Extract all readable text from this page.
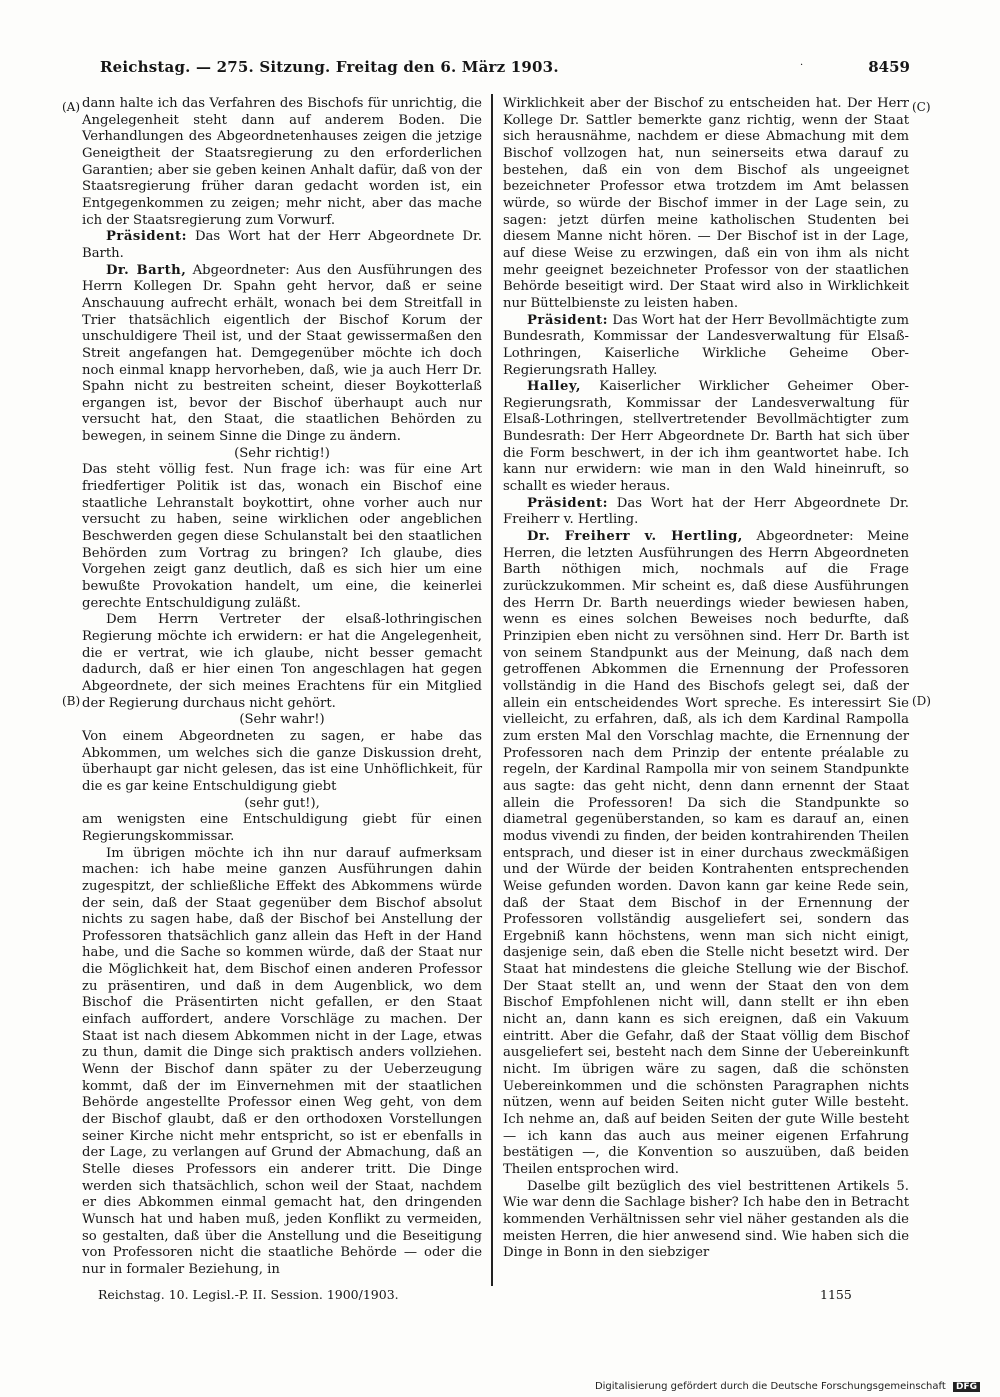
Reichstag. — 275. Sitzung. Freitag den 6. März 1903.	·	8459
(A)
(B)
(C)
(D)

dann halte ich das Verfahren des Bischofs für unrichtig, die Angelegenheit steht dann auf anderem Boden. Die Verhandlungen des Abgeordnetenhauses zeigen die jetzige Geneigtheit der Staatsregierung zu den erforderlichen Garantien; aber sie geben keinen Anhalt dafür, daß von der Staatsregierung früher daran gedacht worden ist, ein Entgegenkommen zu zeigen; mehr nicht, aber das mache ich der Staatsregierung zum Vorwurf.

Präsident: Das Wort hat der Herr Abgeordnete Dr. Barth.

Dr. Barth, Abgeordneter: Aus den Ausführungen des Herrn Kollegen Dr. Spahn geht hervor, daß er seine Anschauung aufrecht erhält, wonach bei dem Streitfall in Trier thatsächlich eigentlich der Bischof Korum der unschuldigere Theil ist, und der Staat gewissermaßen den Streit angefangen hat. Demgegenüber möchte ich doch noch einmal knapp hervorheben, daß, wie ja auch Herr Dr. Spahn nicht zu bestreiten scheint, dieser Boykotterlaß ergangen ist, bevor der Bischof überhaupt auch nur versucht hat, den Staat, die staatlichen Behörden zu bewegen, in seinem Sinne die Dinge zu ändern.

(Sehr richtig!)

Das steht völlig fest. Nun frage ich: was für eine Art friedfertiger Politik ist das, wonach ein Bischof eine staatliche Lehranstalt boykottirt, ohne vorher auch nur versucht zu haben, seine wirklichen oder angeblichen Beschwerden gegen diese Schulanstalt bei den staatlichen Behörden zum Vortrag zu bringen? Ich glaube, dies Vorgehen zeigt ganz deutlich, daß es sich hier um eine bewußte Provokation handelt, um eine, die keinerlei gerechte Entschuldigung zuläßt.

Dem Herrn Vertreter der elsaß-lothringischen Regierung möchte ich erwidern: er hat die Angelegenheit, die er vertrat, wie ich glaube, nicht besser gemacht dadurch, daß er hier einen Ton angeschlagen hat gegen Abgeordnete, der sich meines Erachtens für ein Mitglied der Regierung durchaus nicht gehört.

(Sehr wahr!)

Von einem Abgeordneten zu sagen, er habe das Abkommen, um welches sich die ganze Diskussion dreht, überhaupt gar nicht gelesen, das ist eine Unhöflichkeit, für die es gar keine Entschuldigung giebt

(sehr gut!),

am wenigsten eine Entschuldigung giebt für einen Regierungskommissar.

Im übrigen möchte ich ihn nur darauf aufmerksam machen: ich habe meine ganzen Ausführungen dahin zugespitzt, der schließliche Effekt des Abkommens würde der sein, daß der Staat gegenüber dem Bischof absolut nichts zu sagen habe, daß der Bischof bei Anstellung der Professoren thatsächlich ganz allein das Heft in der Hand habe, und die Sache so kommen würde, daß der Staat nur die Möglichkeit hat, dem Bischof einen anderen Professor zu präsentiren, und daß in dem Augenblick, wo dem Bischof die Präsentirten nicht gefallen, er den Staat einfach auffordert, andere Vorschläge zu machen. Der Staat ist nach diesem Abkommen nicht in der Lage, etwas zu thun, damit die Dinge sich praktisch anders vollziehen. Wenn der Bischof dann später zu der Ueberzeugung kommt, daß der im Einvernehmen mit der staatlichen Behörde angestellte Professor einen Weg geht, von dem der Bischof glaubt, daß er den orthodoxen Vorstellungen seiner Kirche nicht mehr entspricht, so ist er ebenfalls in der Lage, zu verlangen auf Grund der Abmachung, daß an Stelle dieses Professors ein anderer tritt. Die Dinge werden sich thatsächlich, schon weil der Staat, nachdem er dies Abkommen einmal gemacht hat, den dringenden Wunsch hat und haben muß, jeden Konflikt zu vermeiden, so gestalten, daß über die Anstellung und die Beseitigung von Professoren nicht die staatliche Behörde — oder die nur in formaler Beziehung, in

Wirklichkeit aber der Bischof zu entscheiden hat. Der Herr Kollege Dr. Sattler bemerkte ganz richtig, wenn der Staat sich herausnähme, nachdem er diese Abmachung mit dem Bischof vollzogen hat, nun seinerseits etwa darauf zu bestehen, daß ein von dem Bischof als ungeeignet bezeichneter Professor etwa trotzdem im Amt belassen würde, so würde der Bischof immer in der Lage sein, zu sagen: jetzt dürfen meine katholischen Studenten bei diesem Manne nicht hören. — Der Bischof ist in der Lage, auf diese Weise zu erzwingen, daß ein von ihm als nicht mehr geeignet bezeichneter Professor von der staatlichen Behörde beseitigt wird. Der Staat wird also in Wirklichkeit nur Büttelbienste zu leisten haben.

Präsident: Das Wort hat der Herr Bevollmächtigte zum Bundesrath, Kommissar der Landesverwaltung für Elsaß-Lothringen, Kaiserliche Wirkliche Geheime Ober-Regierungsrath Halley.

Halley, Kaiserlicher Wirklicher Geheimer Ober-Regierungsrath, Kommissar der Landesverwaltung für Elsaß-Lothringen, stellvertretender Bevollmächtigter zum Bundesrath: Der Herr Abgeordnete Dr. Barth hat sich über die Form beschwert, in der ich ihm geantwortet habe. Ich kann nur erwidern: wie man in den Wald hineinruft, so schallt es wieder heraus.

Präsident: Das Wort hat der Herr Abgeordnete Dr. Freiherr v. Hertling.

Dr. Freiherr v. Hertling, Abgeordneter: Meine Herren, die letzten Ausführungen des Herrn Abgeordneten Barth nöthigen mich, nochmals auf die Frage zurückzukommen. Mir scheint es, daß diese Ausführungen des Herrn Dr. Barth neuerdings wieder bewiesen haben, wenn es eines solchen Beweises noch bedurfte, daß Prinzipien eben nicht zu versöhnen sind. Herr Dr. Barth ist von seinem Standpunkt aus der Meinung, daß nach dem getroffenen Abkommen die Ernennung der Professoren vollständig in die Hand des Bischofs gelegt sei, daß der allein ein entscheidendes Wort spreche. Es interessirt Sie vielleicht, zu erfahren, daß, als ich dem Kardinal Rampolla zum ersten Mal den Vorschlag machte, die Ernennung der Professoren nach dem Prinzip der entente préalable zu regeln, der Kardinal Rampolla mir von seinem Standpunkte aus sagte: das geht nicht, denn dann ernennt der Staat allein die Professoren! Da sich die Standpunkte so diametral gegenüberstanden, so kam es darauf an, einen modus vivendi zu finden, der beiden kontrahirenden Theilen entsprach, und dieser ist in einer durchaus zweckmäßigen und der Würde der beiden Kontrahenten entsprechenden Weise gefunden worden. Davon kann gar keine Rede sein, daß der Staat dem Bischof in der Ernennung der Professoren vollständig ausgeliefert sei, sondern das Ergebniß kann höchstens, wenn man sich nicht einigt, dasjenige sein, daß eben die Stelle nicht besetzt wird. Der Staat hat mindestens die gleiche Stellung wie der Bischof. Der Staat stellt an, und wenn der Staat den von dem Bischof Empfohlenen nicht will, dann stellt er ihn eben nicht an, dann kann es sich ereignen, daß ein Vakuum eintritt. Aber die Gefahr, daß der Staat völlig dem Bischof ausgeliefert sei, besteht nach dem Sinne der Uebereinkunft nicht. Im übrigen wäre zu sagen, daß die schönsten Uebereinkommen und die schönsten Paragraphen nichts nützen, wenn auf beiden Seiten nicht guter Wille besteht. Ich nehme an, daß auf beiden Seiten der gute Wille besteht — ich kann das auch aus meiner eigenen Erfahrung bestätigen —, die Konvention so auszuüben, daß beiden Theilen entsprochen wird.

Daselbe gilt bezüglich des viel bestrittenen Artikels 5. Wie war denn die Sachlage bisher? Ich habe den in Betracht kommenden Verhältnissen sehr viel näher gestanden als die meisten Herren, die hier anwesend sind. Wie haben sich die Dinge in Bonn in den siebziger

Reichstag. 10. Legisl.-P. II. Session. 1900/1903.	1155
Digitalisierung gefördert durch die Deutsche Forschungsgemeinschaft DFG
